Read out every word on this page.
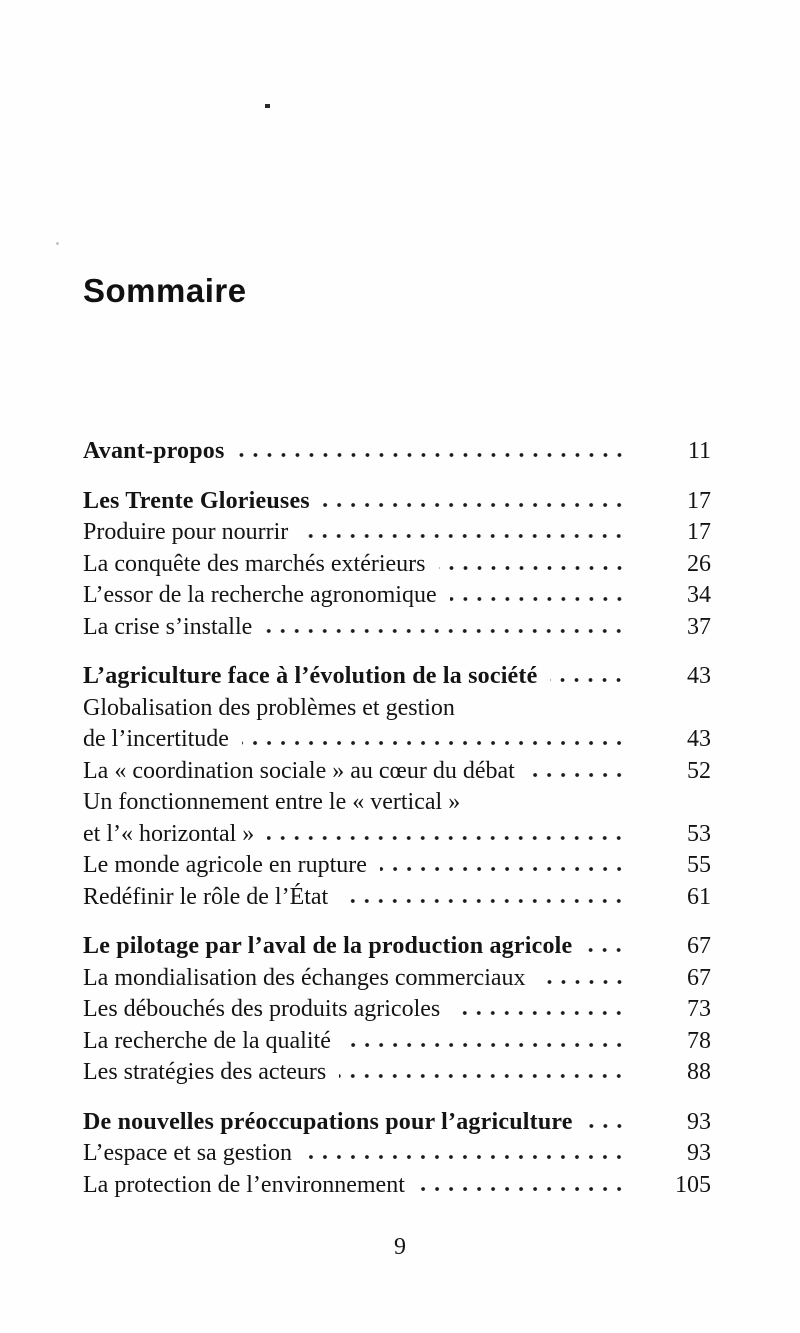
Sommaire
Avant-propos	11
Les Trente Glorieuses	17
Produire pour nourrir	17
La conquête des marchés extérieurs	26
L’essor de la recherche agronomique	34
La crise s’installe	37
L’agriculture face à l’évolution de la société	43
Globalisation des problèmes et gestion
de l’incertitude	43
La « coordination sociale » au cœur du débat	52
Un fonctionnement entre le « vertical »
et l’« horizontal »	53
Le monde agricole en rupture	55
Redéfinir le rôle de l’État	61
Le pilotage par l’aval de la production agricole	67
La mondialisation des échanges commerciaux	67
Les débouchés des produits agricoles	73
La recherche de la qualité	78
Les stratégies des acteurs	88
De nouvelles préoccupations pour l’agriculture	93
L’espace et sa gestion	93
La protection de l’environnement	105
9
